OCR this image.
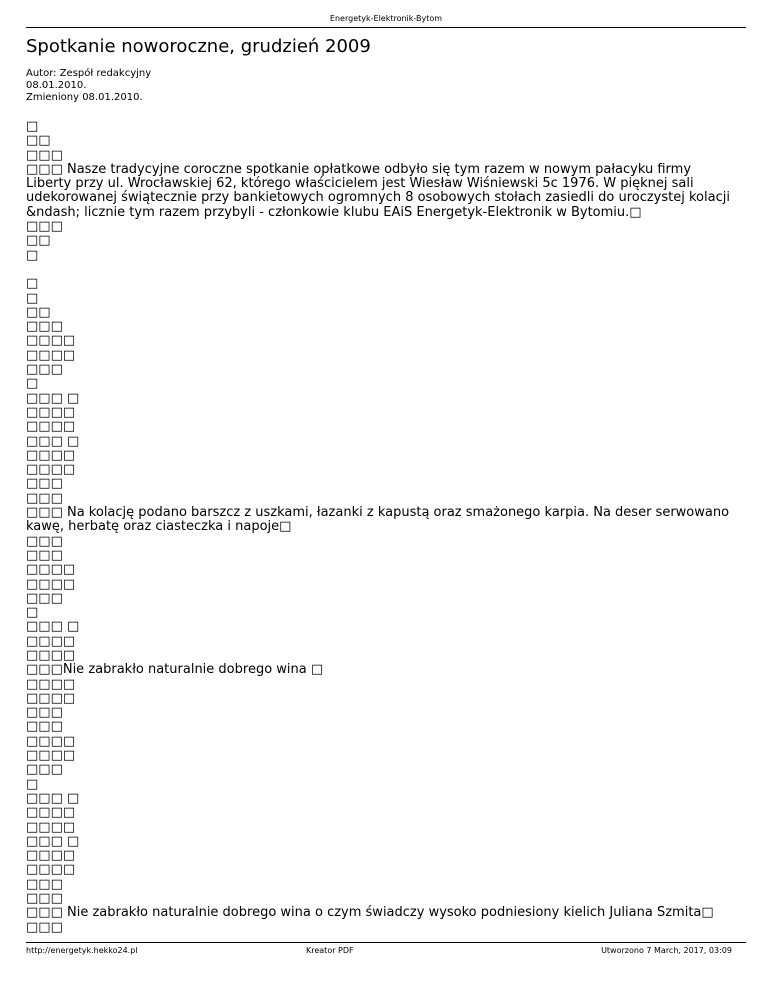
Energetyk-Elektronik-Bytom
Spotkanie noworoczne, grudzień 2009
Autor: Zespół redakcyjny
08.01.2010.
Zmieniony 08.01.2010.
□
□□
□□□
□□□ Nasze tradycyjne coroczne spotkanie opłatkowe odbyło się tym razem w nowym pałacyku firmy Liberty przy ul. Wrocławskiej 62, którego właścicielem jest Wiesław Wiśniewski 5c 1976. W pięknej sali udekorowanej świątecznie przy bankietowych ogromnych 8 osobowych stołach zasiedli do uroczystej kolacji &ndash; licznie tym razem przybyli - członkowie klubu EAiS Energetyk-Elektronik w Bytomiu.□
□□□
□□
□
□
□
□□
□□□
□□□□
□□□□
□□□
□
□□□ □
□□□□
□□□□
□□□ □
□□□□
□□□□
□□□
□□□
□□□ Na kolację podano barszcz z uszkami, łazanki z kapustą oraz smażonego karpia. Na deser serwowano kawę, herbatę oraz ciasteczka i napoje□
□□□
□□□
□□□□
□□□□
□□□
□
□□□ □
□□□□
□□□□
□□□Nie zabrakło naturalnie dobrego wina □
□□□□
□□□□
□□□
□□□
□□□□
□□□□
□□□
□
□□□ □
□□□□
□□□□
□□□ □
□□□□
□□□□
□□□
□□□
□□□ Nie zabrakło naturalnie dobrego wina o czym świadczy wysoko podniesiony kielich Juliana Szmita□
□□□
http://energetyk.hekko24.pl	Kreator PDF	Utworzono 7 March, 2017, 03:09
